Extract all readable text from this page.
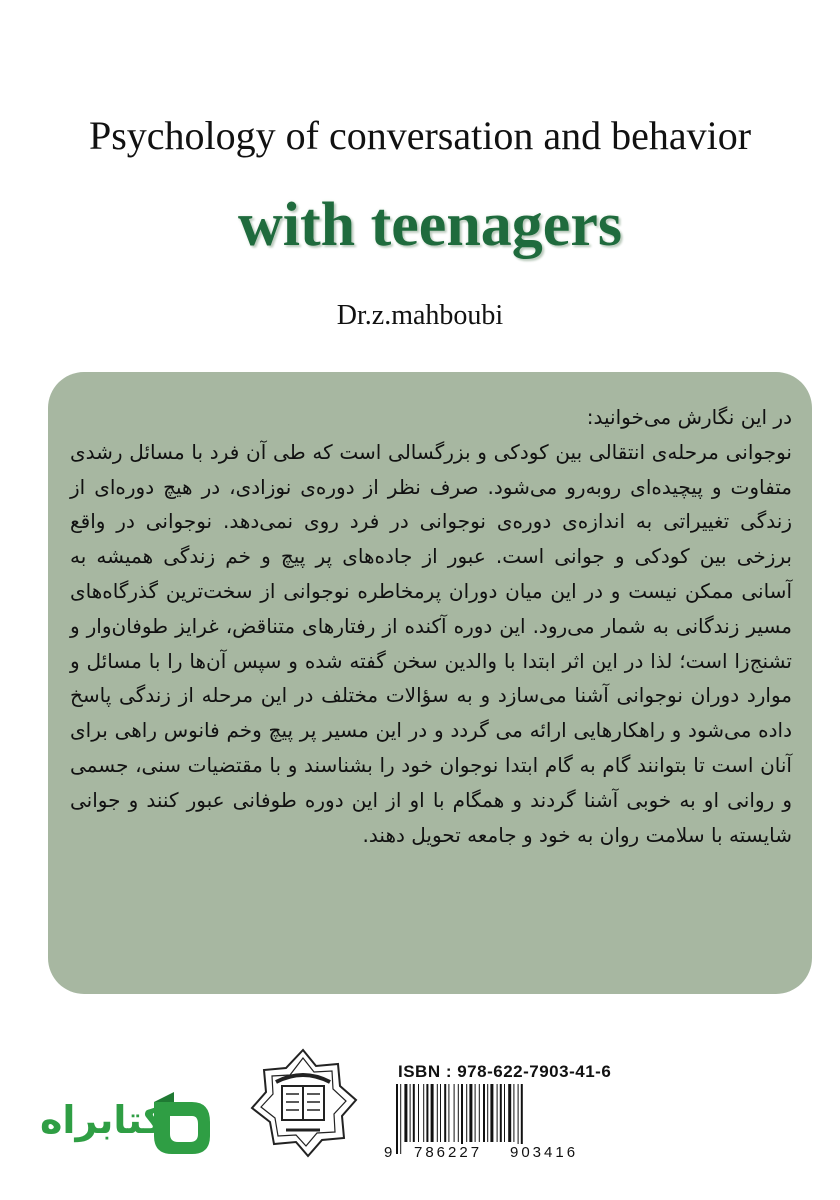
Psychology of conversation and behavior
with teenagers
Dr.z.mahboubi

در این نگارش می‌خوانید:

نوجوانی مرحله‌ی انتقالی بین کودکی و بزرگسالی است که طی آن فرد با مسائل رشدی متفاوت و پیچیده‌ای روبه‌رو می‌شود. صرف نظر از دوره‌ی نوزادی، در هیچ دوره‌ای از زندگی تغییراتی به اندازه‌ی دوره‌ی نوجوانی در فرد روی نمی‌دهد. نوجوانی در واقع برزخی بین کودکی و جوانی است. عبور از جاده‌های پر پیچ و خم زندگی همیشه به آسانی ممکن نیست و در این میان دوران پرمخاطره نوجوانی از سخت‌ترین گذرگاه‌های مسیر زندگانی به شمار می‌رود. این دوره آکنده از رفتارهای متناقض، غرایز طوفان‌وار و تشنج‌زا است؛ لذا در این اثر ابتدا با والدین سخن گفته شده و سپس آن‌ها را با مسائل و موارد دوران نوجوانی آشنا می‌سازد و به سؤالات مختلف در این مرحله از زندگی پاسخ داده می‌شود و راهکارهایی ارائه می گردد و در این مسیر پر پیچ وخم فانوس راهی برای آنان است تا بتوانند گام به گام ابتدا نوجوان خود را بشناسند و با مقتضیات سنی، جسمی و روانی او به خوبی آشنا گردند و همگام با او از این دوره طوفانی عبور کنند و جوانی شایسته با سلامت روان به خود و جامعه تحویل دهند.

کتابراه
ISBN : 978-622-7903-41-6
9 786227 903416
